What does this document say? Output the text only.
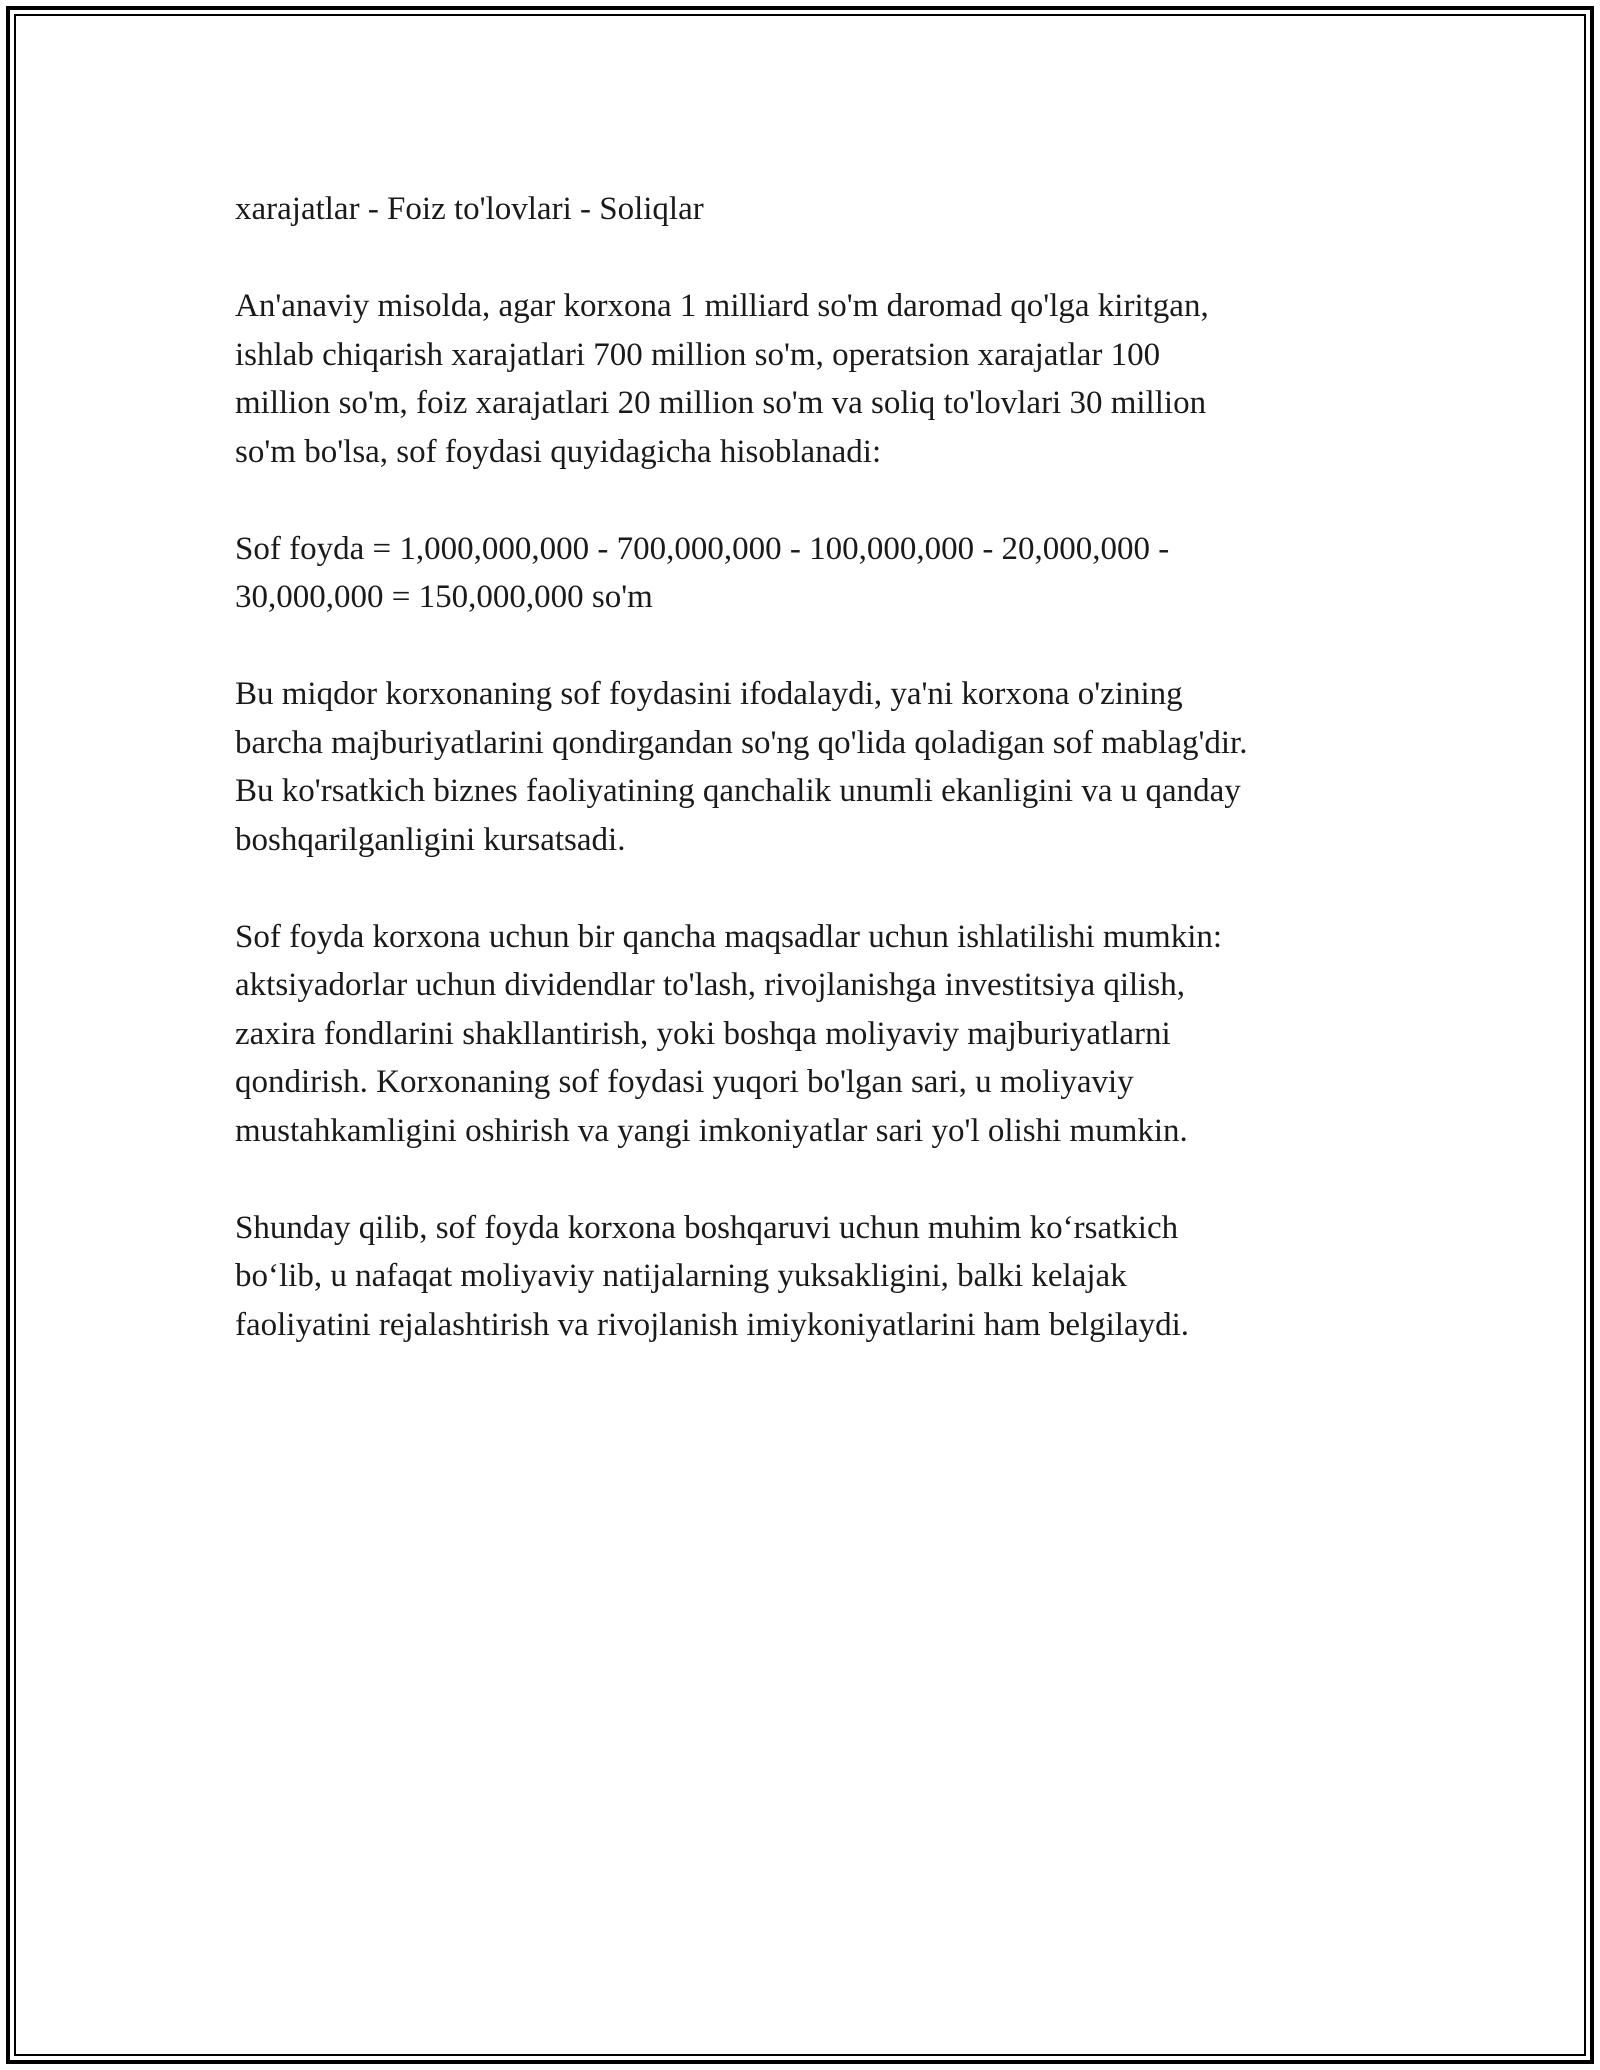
xarajatlar - Foiz to'lovlari - Soliqlar

An'anaviy misolda, agar korxona 1 milliard so'm daromad qo'lga kiritgan,
ishlab chiqarish xarajatlari 700 million so'm, operatsion xarajatlar 100
million so'm, foiz xarajatlari 20 million so'm va soliq to'lovlari 30 million
so'm bo'lsa, sof foydasi quyidagicha hisoblanadi:

Sof foyda = 1,000,000,000 - 700,000,000 - 100,000,000 - 20,000,000 -
30,000,000 = 150,000,000 so'm

Bu miqdor korxonaning sof foydasini ifodalaydi, ya'ni korxona o'zining
barcha majburiyatlarini qondirgandan so'ng qo'lida qoladigan sof mablag'dir.
Bu ko'rsatkich biznes faoliyatining qanchalik unumli ekanligini va u qanday
boshqarilganligini kursatsadi.

Sof foyda korxona uchun bir qancha maqsadlar uchun ishlatilishi mumkin:
aktsiyadorlar uchun dividendlar to'lash, rivojlanishga investitsiya qilish,
zaxira fondlarini shakllantirish, yoki boshqa moliyaviy majburiyatlarni
qondirish. Korxonaning sof foydasi yuqori bo'lgan sari, u moliyaviy
mustahkamligini oshirish va yangi imkoniyatlar sari yo'l olishi mumkin.

Shunday qilib, sof foyda korxona boshqaruvi uchun muhim ko‘rsatkich
bo‘lib, u nafaqat moliyaviy natijalarning yuksakligini, balki kelajak
faoliyatini rejalashtirish va rivojlanish imiykoniyatlarini ham belgilaydi.
